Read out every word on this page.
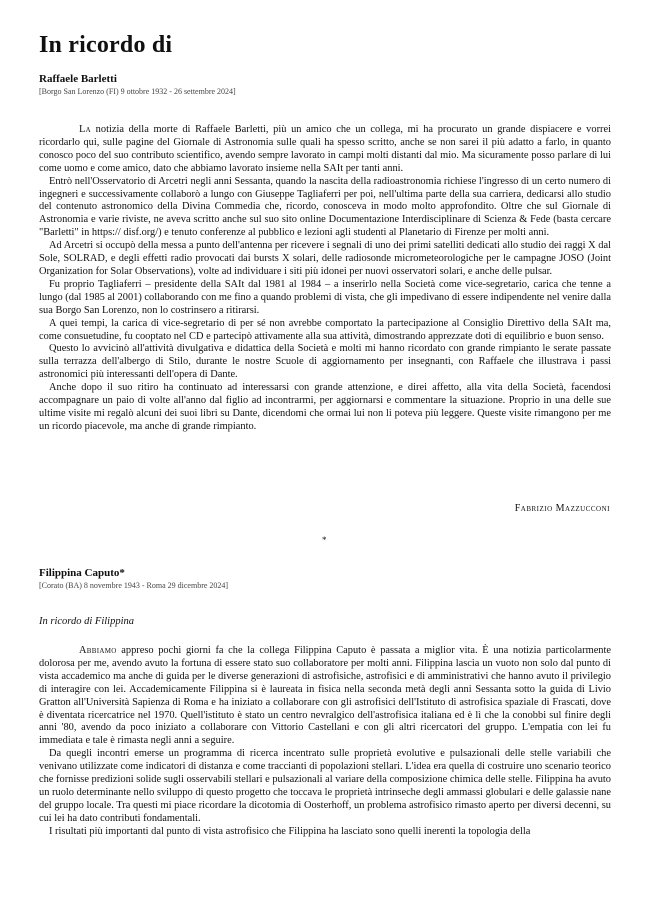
In ricordo di
Raffaele Barletti
[Borgo San Lorenzo (FI) 9 ottobre 1932 - 26 settembre 2024]

La notizia della morte di Raffaele Barletti, più un amico che un collega, mi ha procurato un grande dispiacere e vorrei ricordarlo qui, sulle pagine del Giornale di Astronomia sulle quali ha spesso scritto, anche se non sarei il più adatto a farlo, in quanto conosco poco del suo contributo scientifico, avendo sempre lavorato in campi molti distanti dal mio. Ma sicuramente posso parlare di lui come uomo e come amico, dato che abbiamo lavorato insieme nella SAIt per tanti anni.

Entrò nell'Osservatorio di Arcetri negli anni Sessanta, quando la nascita della radioastronomia richiese l'ingresso di un certo numero di ingegneri e successivamente collaborò a lungo con Giuseppe Tagliaferri per poi, nell'ultima parte della sua carriera, dedicarsi allo studio del contenuto astronomico della Divina Commedia che, ricordo, conosceva in modo molto approfondito. Oltre che sul Giornale di Astronomia e varie riviste, ne aveva scritto anche sul suo sito online Documentazione Interdisciplinare di Scienza & Fede (basta cercare "Barletti" in https:// disf.org/) e tenuto conferenze al pubblico e lezioni agli studenti al Planetario di Firenze per molti anni.

Ad Arcetri si occupò della messa a punto dell'antenna per ricevere i segnali di uno dei primi satelliti dedicati allo studio dei raggi X dal Sole, SOLRAD, e degli effetti radio provocati dai bursts X solari, delle radiosonde micrometeorologiche per le campagne JOSO (Joint Organization for Solar Observations), volte ad individuare i siti più idonei per nuovi osservatori solari, e anche delle pulsar.

Fu proprio Tagliaferri – presidente della SAIt dal 1981 al 1984 – a inserirlo nella Società come vice-segretario, carica che tenne a lungo (dal 1985 al 2001) collaborando con me fino a quando problemi di vista, che gli impedivano di essere indipendente nel venire dalla sua Borgo San Lorenzo, non lo costrinsero a ritirarsi.

A quei tempi, la carica di vice-segretario di per sé non avrebbe comportato la partecipazione al Consiglio Direttivo della SAIt ma, come consuetudine, fu cooptato nel CD e partecipò attivamente alla sua attività, dimostrando apprezzate doti di equilibrio e buon senso.

Questo lo avvicinò all'attività divulgativa e didattica della Società e molti mi hanno ricordato con grande rimpianto le serate passate sulla terrazza dell'albergo di Stilo, durante le nostre Scuole di aggiornamento per insegnanti, con Raffaele che illustrava i passi astronomici più interessanti dell'opera di Dante.

Anche dopo il suo ritiro ha continuato ad interessarsi con grande attenzione, e direi affetto, alla vita della Società, facendosi accompagnare un paio di volte all'anno dal figlio ad incontrarmi, per aggiornarsi e commentare la situazione. Proprio in una delle sue ultime visite mi regalò alcuni dei suoi libri su Dante, dicendomi che ormai lui non li poteva più leggere. Queste visite rimangono per me un ricordo piacevole, ma anche di grande rimpianto.

Fabrizio Mazzucconi
*
Filippina Caputo*
[Corato (BA) 8 novembre 1943 - Roma 29 dicembre 2024]
In ricordo di Filippina

Abbiamo appreso pochi giorni fa che la collega Filippina Caputo è passata a miglior vita. È una notizia particolarmente dolorosa per me, avendo avuto la fortuna di essere stato suo collaboratore per molti anni. Filippina lascia un vuoto non solo dal punto di vista accademico ma anche di guida per le diverse generazioni di astrofisiche, astrofisici e di amministrativi che hanno avuto il privilegio di interagire con lei. Accademicamente Filippina si è laureata in fisica nella seconda metà degli anni Sessanta sotto la guida di Livio Gratton all'Università Sapienza di Roma e ha iniziato a collaborare con gli astrofisici dell'Istituto di astrofisica spaziale di Frascati, dove è diventata ricercatrice nel 1970. Quell'istituto è stato un centro nevralgico dell'astrofisica italiana ed è lì che la conobbi sul finire degli anni '80, avendo da poco iniziato a collaborare con Vittorio Castellani e con gli altri ricercatori del gruppo. L'empatia con lei fu immediata e tale è rimasta negli anni a seguire.

Da quegli incontri emerse un programma di ricerca incentrato sulle proprietà evolutive e pulsazionali delle stelle variabili che venivano utilizzate come indicatori di distanza e come traccianti di popolazioni stellari. L'idea era quella di costruire uno scenario teorico che fornisse predizioni solide sugli osservabili stellari e pulsazionali al variare della composizione chimica delle stelle. Filippina ha avuto un ruolo determinante nello sviluppo di questo progetto che toccava le proprietà intrinseche degli ammassi globulari e delle galassie nane del gruppo locale. Tra questi mi piace ricordare la dicotomia di Oosterhoff, un problema astrofisico rimasto aperto per diversi decenni, su cui lei ha dato contributi fondamentali.

I risultati più importanti dal punto di vista astrofisico che Filippina ha lasciato sono quelli inerenti la topologia della
